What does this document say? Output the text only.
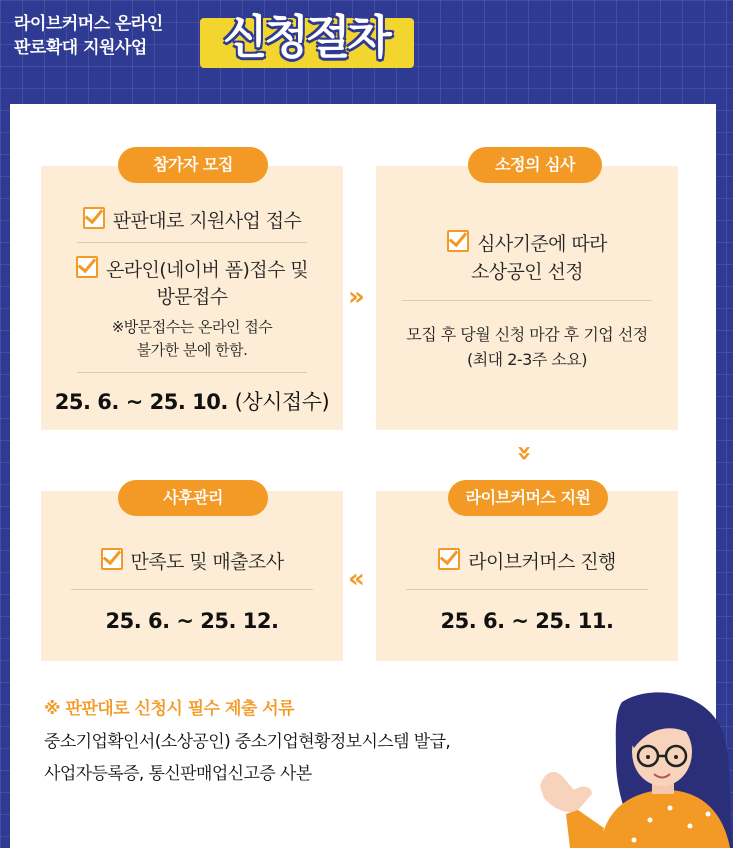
라이브커머스 온라인
판로확대 지원사업	신청절차
판판대로 지원사업 접수
온라인(네이버 폼)접수 및
방문접수
※방문접수는 온라인 접수
불가한 분에 한함.
25. 6. ~ 25. 10. (상시접수)
참가자 모집
심사기준에 따라
소상공인 선정
모집 후 당월 신청 마감 후 기업 선정
(최대 2-3주 소요)
소정의 심사
»
»
만족도 및 매출조사
25. 6. ~ 25. 12.
사후관리
라이브커머스 진행
25. 6. ~ 25. 11.
라이브커머스 지원
«
※ 판판대로 신청시 필수 제출 서류
중소기업확인서(소상공인) 중소기업현황정보시스템 발급,
사업자등록증, 통신판매업신고증 사본
